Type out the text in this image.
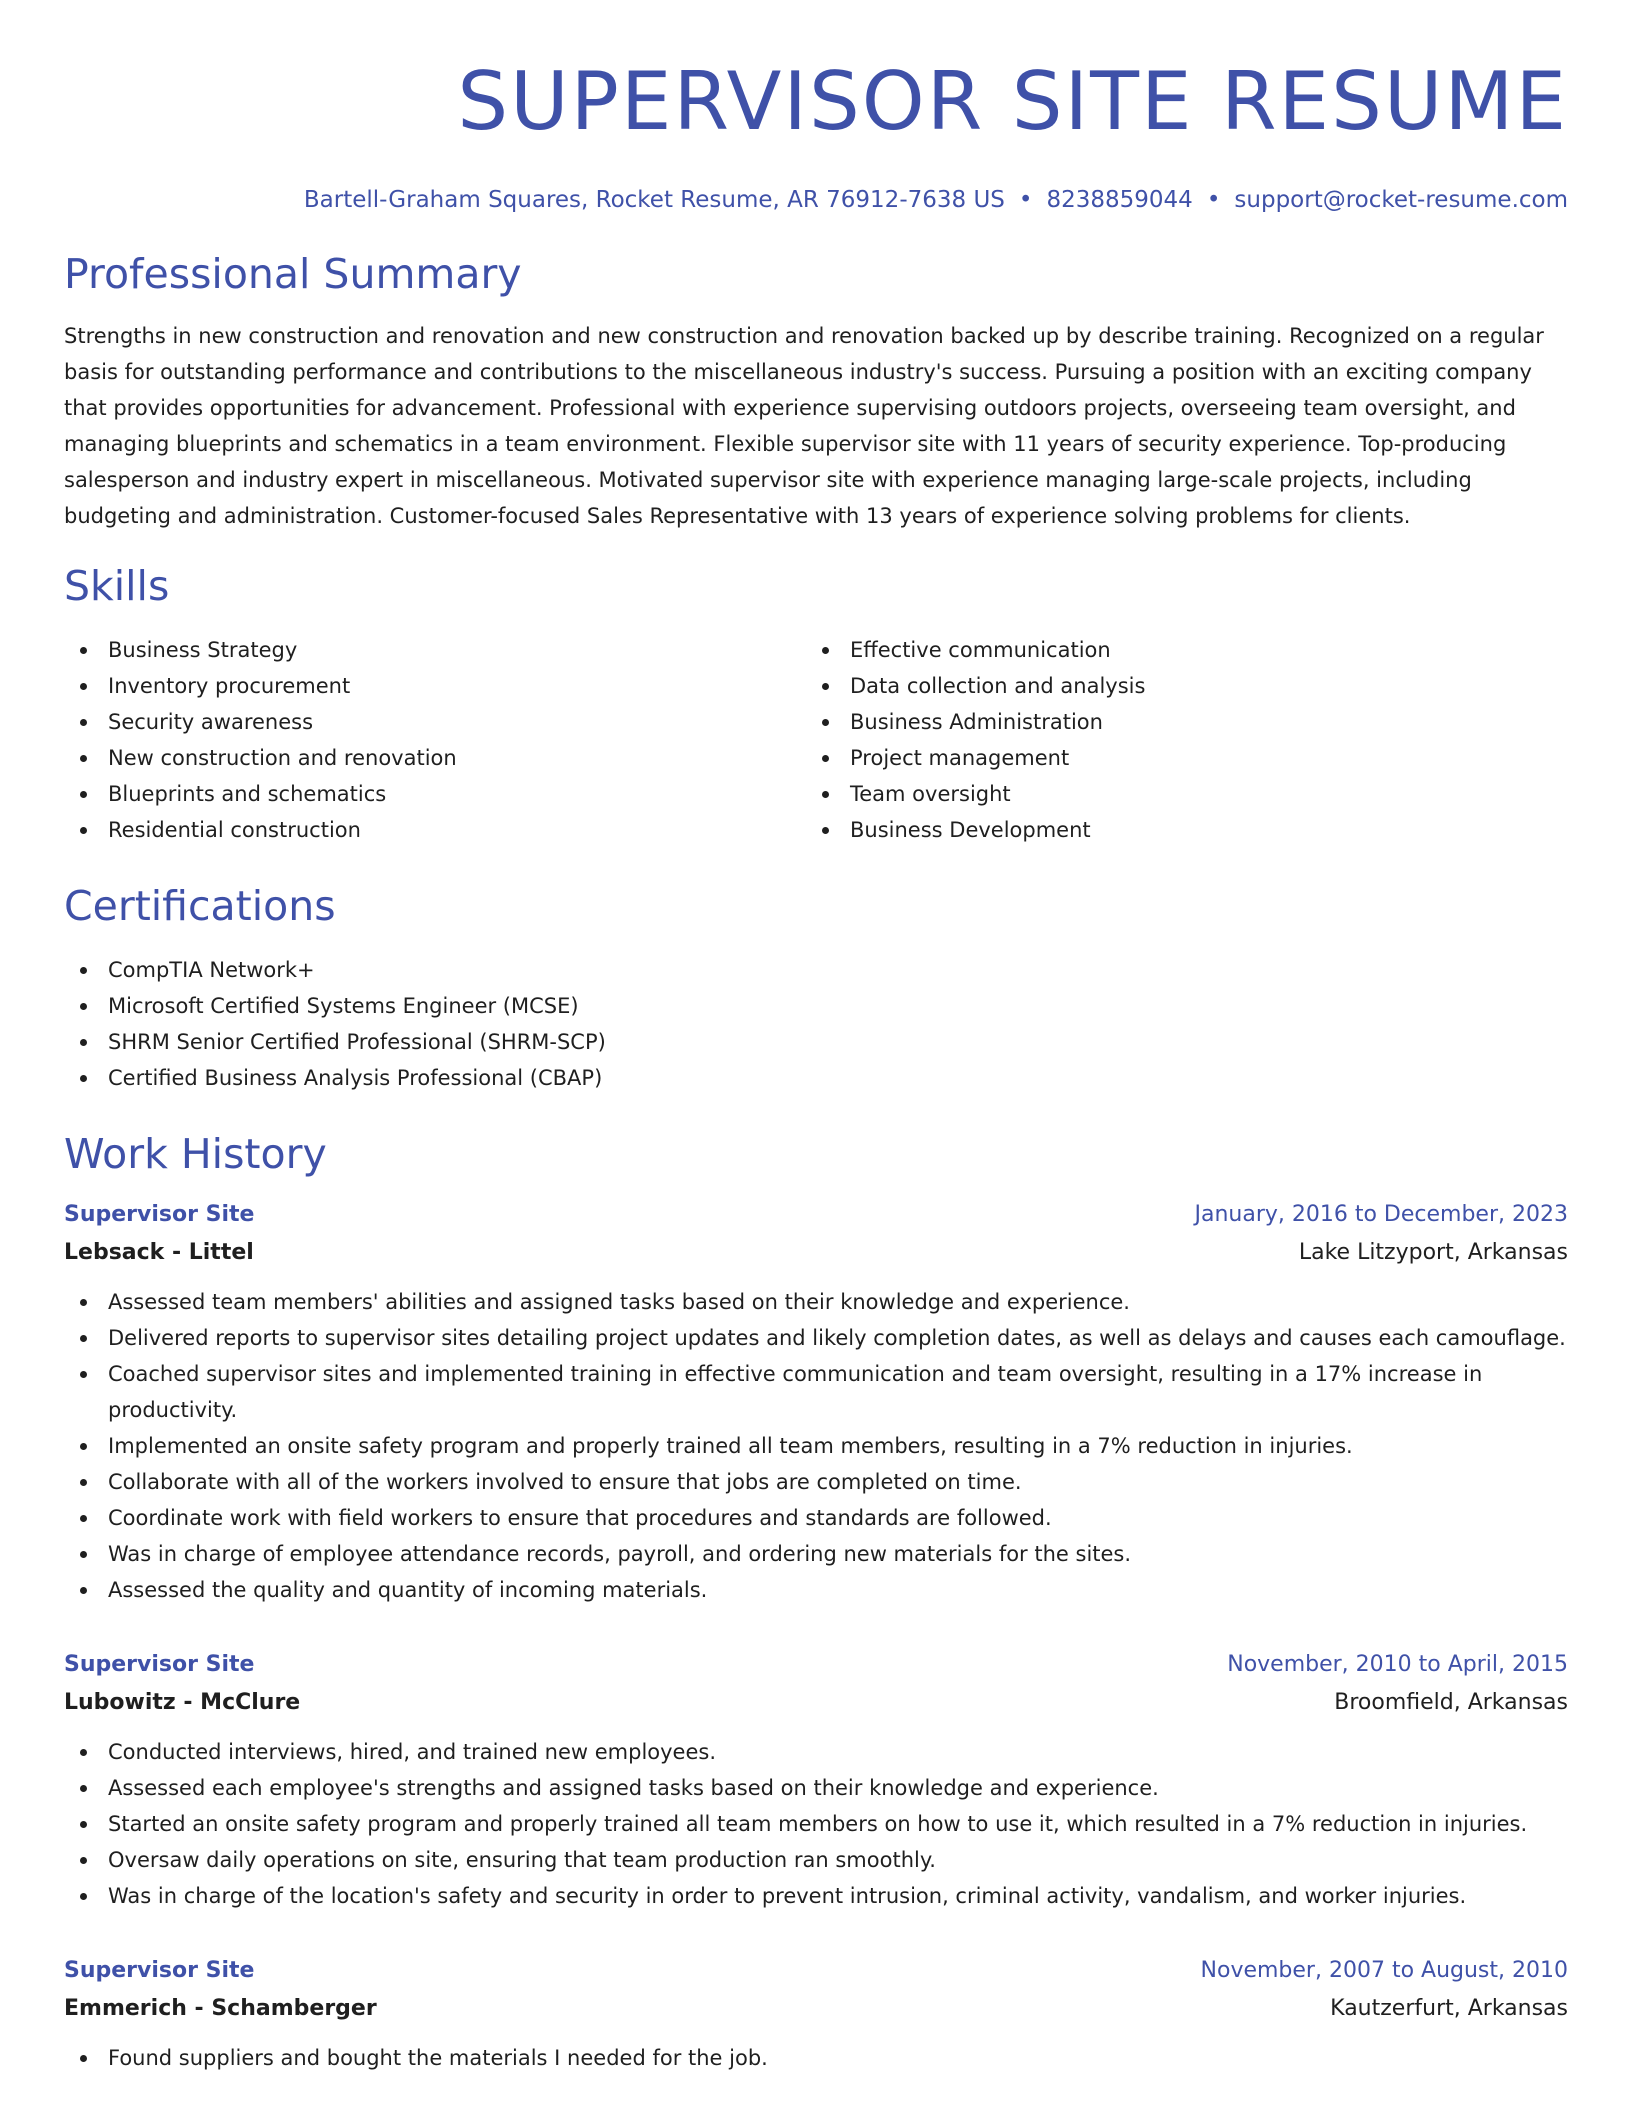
SUPERVISOR SITE RESUME
Bartell-Graham Squares, Rocket Resume, AR 76912-7638 US • 8238859044 • support@rocket-resume.com
Professional Summary

Strengths in new construction and renovation and new construction and renovation backed up by describe training. Recognized on a regular basis for outstanding performance and contributions to the miscellaneous industry's success. Pursuing a position with an exciting company that provides opportunities for advancement. Professional with experience supervising outdoors projects, overseeing team oversight, and managing blueprints and schematics in a team environment. Flexible supervisor site with 11 years of security experience. Top-producing salesperson and industry expert in miscellaneous. Motivated supervisor site with experience managing large-scale projects, including budgeting and administration. Customer-focused Sales Representative with 13 years of experience solving problems for clients.

Skills
Business Strategy
Inventory procurement
Security awareness
New construction and renovation
Blueprints and schematics
Residential construction
Effective communication
Data collection and analysis
Business Administration
Project management
Team oversight
Business Development
Certifications
CompTIA Network+
Microsoft Certified Systems Engineer (MCSE)
SHRM Senior Certified Professional (SHRM-SCP)
Certified Business Analysis Professional (CBAP)
Work History
Supervisor Site	January, 2016 to December, 2023
Lebsack - Littel	Lake Litzyport, Arkansas
Assessed team members' abilities and assigned tasks based on their knowledge and experience.
Delivered reports to supervisor sites detailing project updates and likely completion dates, as well as delays and causes each camouflage.
Coached supervisor sites and implemented training in effective communication and team oversight, resulting in a 17% increase in productivity.
Implemented an onsite safety program and properly trained all team members, resulting in a 7% reduction in injuries.
Collaborate with all of the workers involved to ensure that jobs are completed on time.
Coordinate work with field workers to ensure that procedures and standards are followed.
Was in charge of employee attendance records, payroll, and ordering new materials for the sites.
Assessed the quality and quantity of incoming materials.
Supervisor Site	November, 2010 to April, 2015
Lubowitz - McClure	Broomfield, Arkansas
Conducted interviews, hired, and trained new employees.
Assessed each employee's strengths and assigned tasks based on their knowledge and experience.
Started an onsite safety program and properly trained all team members on how to use it, which resulted in a 7% reduction in injuries.
Oversaw daily operations on site, ensuring that team production ran smoothly.
Was in charge of the location's safety and security in order to prevent intrusion, criminal activity, vandalism, and worker injuries.
Supervisor Site	November, 2007 to August, 2010
Emmerich - Schamberger	Kautzerfurt, Arkansas
Found suppliers and bought the materials I needed for the job.
